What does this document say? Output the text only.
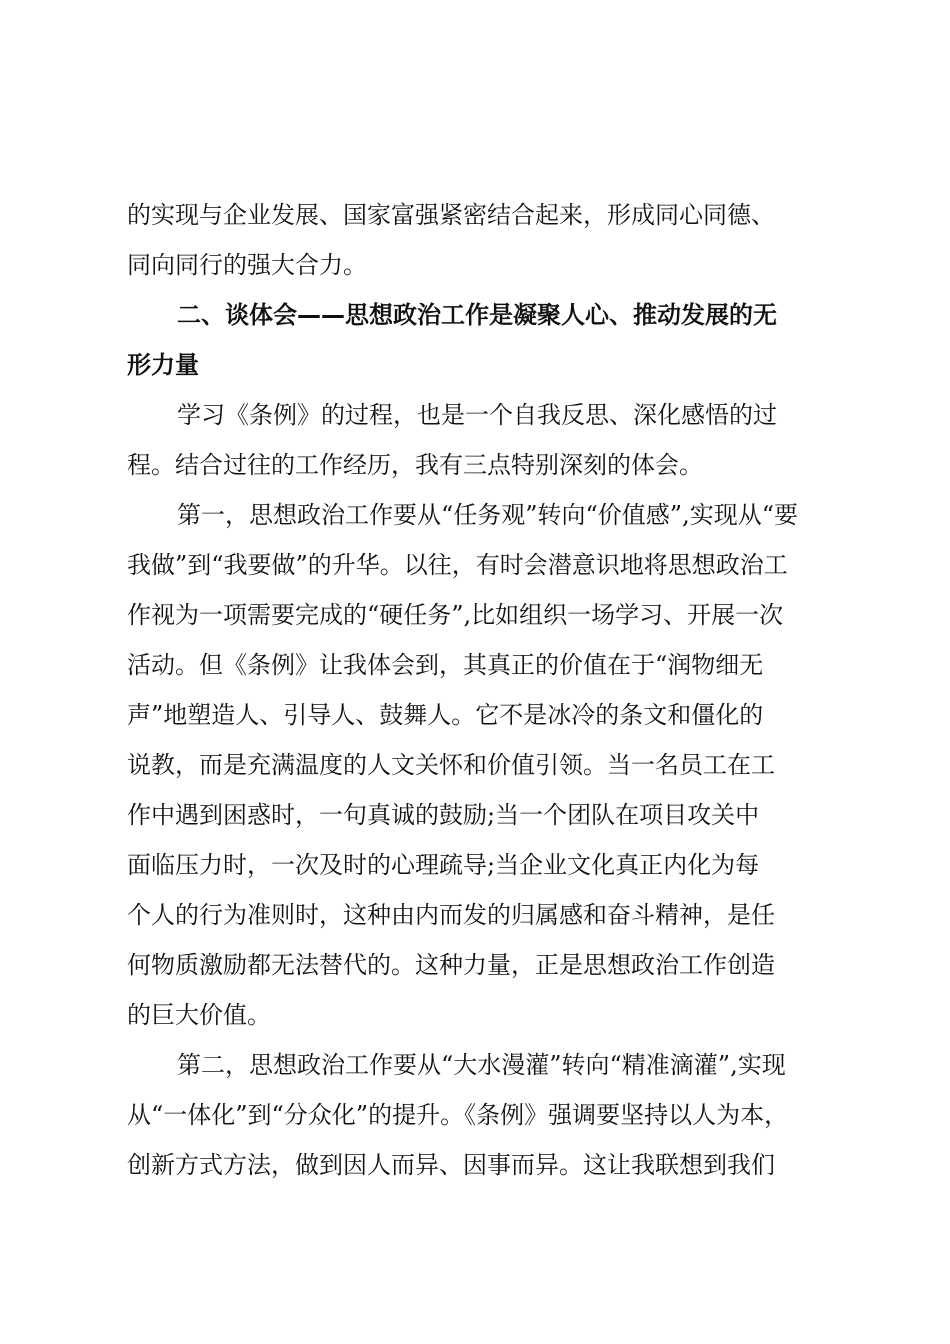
的实现与企业发展、国家富强紧密结合起来，形成同心同德、
同向同行的强大合力。
二、谈体会——思想政治工作是凝聚人心、推动发展的无
形力量
学习《条例》的过程，也是一个自我反思、深化感悟的过
程。结合过往的工作经历，我有三点特别深刻的体会。
第一，思想政治工作要从“任务观”转向“价值感”,实现从“要
我做”到“我要做”的升华。以往，有时会潜意识地将思想政治工
作视为一项需要完成的“硬任务”,比如组织一场学习、开展一次
活动。但《条例》让我体会到，其真正的价值在于“润物细无
声”地塑造人、引导人、鼓舞人。它不是冰冷的条文和僵化的
说教，而是充满温度的人文关怀和价值引领。当一名员工在工
作中遇到困惑时，一句真诚的鼓励;当一个团队在项目攻关中
面临压力时，一次及时的心理疏导;当企业文化真正内化为每
个人的行为准则时，这种由内而发的归属感和奋斗精神，是任
何物质激励都无法替代的。这种力量，正是思想政治工作创造
的巨大价值。
第二，思想政治工作要从“大水漫灌”转向“精准滴灌”,实现
从“一体化”到“分众化”的提升。《条例》强调要坚持以人为本，
创新方式方法，做到因人而异、因事而异。这让我联想到我们
